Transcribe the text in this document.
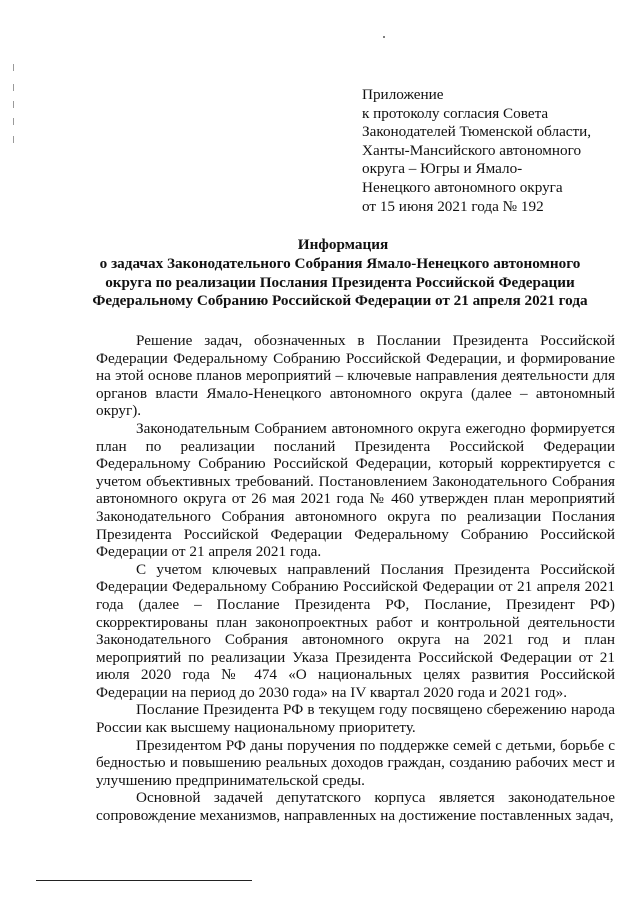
Приложение
к протоколу согласия Совета
Законодателей Тюменской области,
Ханты-Мансийского автономного
округа – Югры и Ямало-
Ненецкого автономного округа
от 15 июня 2021 года № 192
Информация
о задачах Законодательного Собрания Ямало-Ненецкого автономного
округа по реализации Послания Президента Российской Федерации
Федеральному Собранию Российской Федерации от 21 апреля 2021 года

Решение задач, обозначенных в Послании Президента Российской Федерации Федеральному Собранию Российской Федерации, и формирование на этой основе планов мероприятий – ключевые направления деятельности для органов власти Ямало-Ненецкого автономного округа (далее – автономный округ).

Законодательным Собранием автономного округа ежегодно формируется план по реализации посланий Президента Российской Федерации Федеральному Собранию Российской Федерации, который корректируется с учетом объективных требований. Постановлением Законодательного Собрания автономного округа от 26 мая 2021 года № 460 утвержден план мероприятий Законодательного Собрания автономного округа по реализации Послания Президента Российской Федерации Федеральному Собранию Российской Федерации от 21 апреля 2021 года.

С учетом ключевых направлений Послания Президента Российской Федерации Федеральному Собранию Российской Федерации от 21 апреля 2021 года (далее – Послание Президента РФ, Послание, Президент РФ) скорректированы план законопроектных работ и контрольной деятельности Законодательного Собрания автономного округа на 2021 год и план мероприятий по реализации Указа Президента Российской Федерации от 21 июля 2020 года № 474 «О национальных целях развития Российской Федерации на период до 2030 года» на IV квартал 2020 года и 2021 год».

Послание Президента РФ в текущем году посвящено сбережению народа России как высшему национальному приоритету.

Президентом РФ даны поручения по поддержке семей с детьми, борьбе с бедностью и повышению реальных доходов граждан, созданию рабочих мест и улучшению предпринимательской среды.

Основной задачей депутатского корпуса является законодательное сопровождение механизмов, направленных на достижение поставленных задач,
